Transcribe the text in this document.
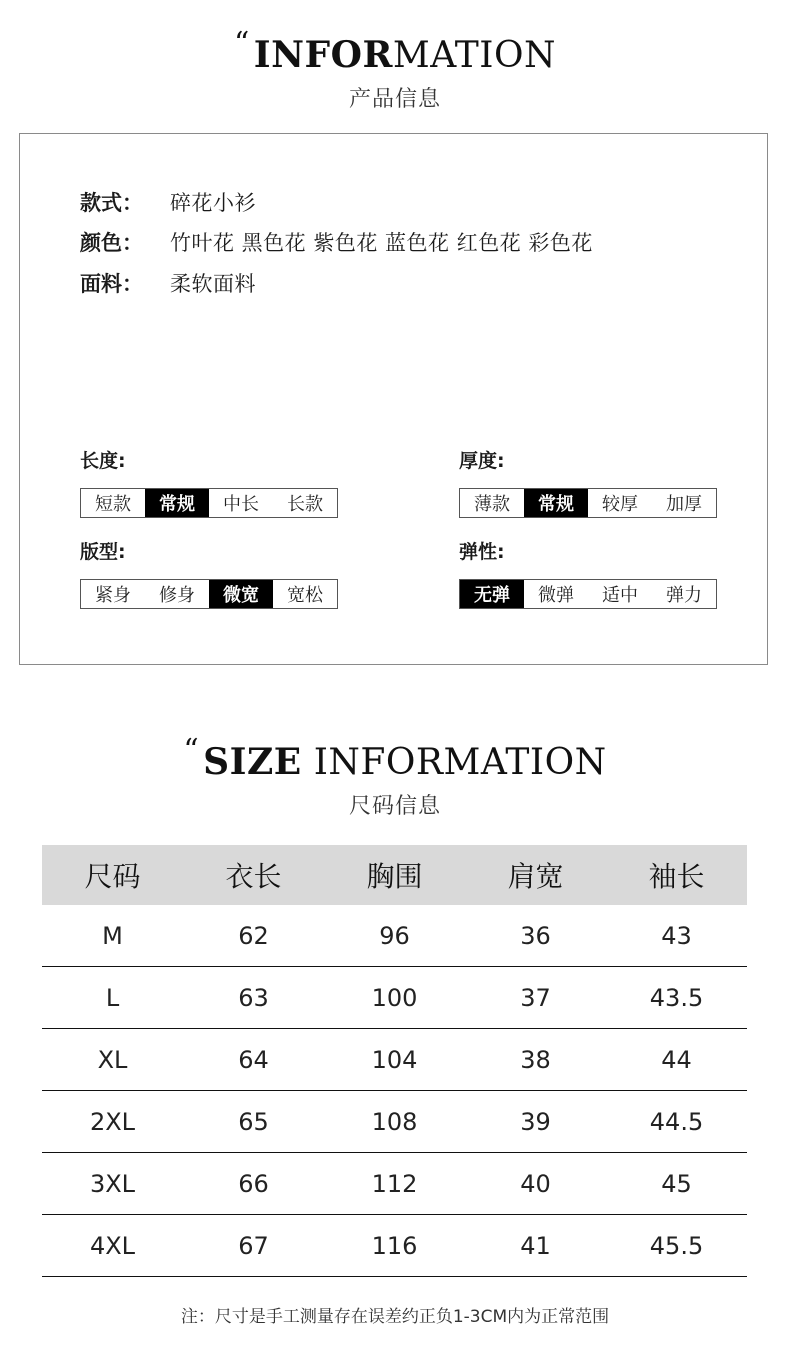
“ INFORMATION
产品信息
款式： 碎花小衫
颜色： 竹叶花 黑色花 紫色花 蓝色花 红色花 彩色花
面料： 柔软面料
长度:
短款	常规	中长	长款
厚度:
薄款	常规	较厚	加厚
版型:
紧身	修身	微宽	宽松
弹性:
无弹	微弹	适中	弹力
“ SIZE INFORMATION
尺码信息
尺码	衣长	胸围	肩宽	袖长
M	62	96	36	43
L	63	100	37	43.5
XL	64	104	38	44
2XL	65	108	39	44.5
3XL	66	112	40	45
4XL	67	116	41	45.5
注：尺寸是手工测量存在误差约正负1-3CM内为正常范围
